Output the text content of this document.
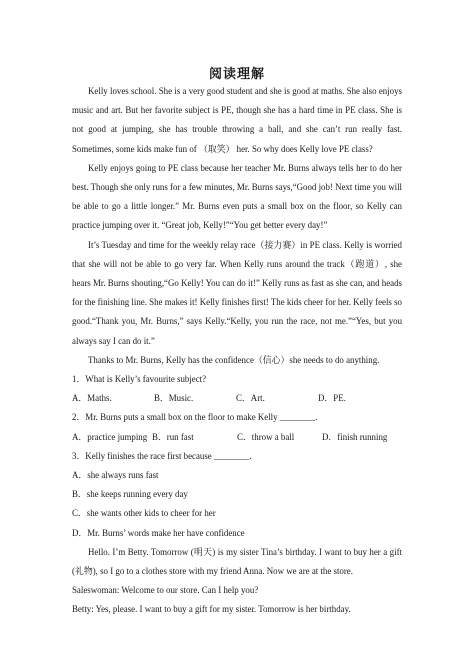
阅读理解

Kelly loves school. She is a very good student and she is good at maths. She also enjoys music and art. But her favorite subject is PE, though she has a hard time in PE class. She is not good at jumping, she has trouble throwing a ball, and she can’t run really fast. Sometimes, some kids make fun of （取笑） her. So why does Kelly love PE class?

Kelly enjoys going to PE class because her teacher Mr. Burns always tells her to do her best. Though she only runs for a few minutes, Mr. Burns says,“Good job! Next time you will be able to go a little longer.” Mr. Burns even puts a small box on the floor, so Kelly can practice jumping over it. “Great job, Kelly!”“You get better every day!”

It’s Tuesday and time for the weekly relay race（接力赛）in PE class. Kelly is worried that she will not be able to go very far. When Kelly runs around the track（跑道）, she hears Mr. Burns shouting,“Go Kelly! You can do it!” Kelly runs as fast as she can, and heads for the finishing line. She makes it! Kelly finishes first! The kids cheer for her. Kelly feels so good.“Thank you, Mr. Burns,” says Kelly.“Kelly, you run the race, not me.”“Yes, but you always say I can do it.”

Thanks to Mr. Burns, Kelly has the confidence（信心）she needs to do anything.

1．What is Kelly’s favourite subject?
A．Maths.	B．Music.	C．Art.	D．PE.
2．Mr. Burns puts a small box on the floor to make Kelly ________.
A．practice jumping B．run fast	C．throw a ball	D．finish running
3．Kelly finishes the race first because ________.
A．she always runs fast
B．she keeps running every day
C．she wants other kids to cheer for her
D．Mr. Burns’ words make her have confidence

Hello. I’m Betty. Tomorrow (明天) is my sister Tina’s birthday. I want to buy her a gift (礼物), so I go to a clothes store with my friend Anna. Now we are at the store.

Saleswoman: Welcome to our store. Can I help you?
Betty: Yes, please. I want to buy a gift for my sister. Tomorrow is her birthday.
